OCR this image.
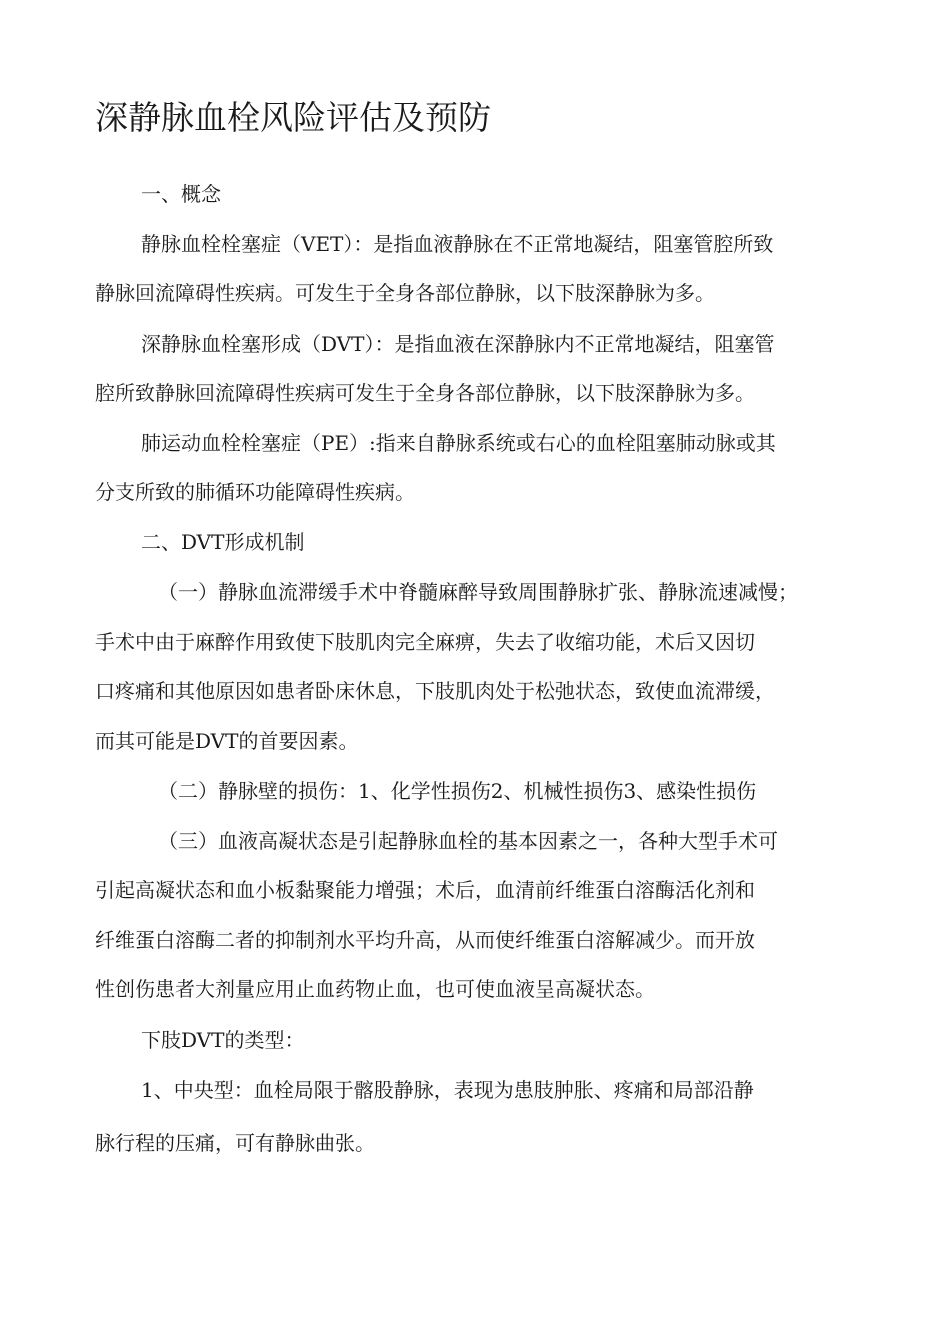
深静脉血栓风险评估及预防

一、概念

静脉血栓栓塞症（VET）：是指血液静脉在不正常地凝结，阻塞管腔所致

静脉回流障碍性疾病。可发生于全身各部位静脉，以下肢深静脉为多。

深静脉血栓塞形成（DVT）：是指血液在深静脉内不正常地凝结，阻塞管

腔所致静脉回流障碍性疾病可发生于全身各部位静脉，以下肢深静脉为多。

肺运动血栓栓塞症（PE）:指来自静脉系统或右心的血栓阻塞肺动脉或其

分支所致的肺循环功能障碍性疾病。

二、DVT形成机制

（一）静脉血流滞缓手术中脊髓麻醉导致周围静脉扩张、静脉流速减慢；

手术中由于麻醉作用致使下肢肌肉完全麻痹，失去了收缩功能，术后又因切

口疼痛和其他原因如患者卧床休息，下肢肌肉处于松弛状态，致使血流滞缓，

而其可能是DVT的首要因素。

（二）静脉壁的损伤：1、化学性损伤2、机械性损伤3、感染性损伤

（三）血液高凝状态是引起静脉血栓的基本因素之一，各种大型手术可

引起高凝状态和血小板黏聚能力增强；术后，血清前纤维蛋白溶酶活化剂和

纤维蛋白溶酶二者的抑制剂水平均升高，从而使纤维蛋白溶解减少。而开放

性创伤患者大剂量应用止血药物止血，也可使血液呈高凝状态。

下肢DVT的类型：

1、中央型：血栓局限于髂股静脉，表现为患肢肿胀、疼痛和局部沿静

脉行程的压痛，可有静脉曲张。
